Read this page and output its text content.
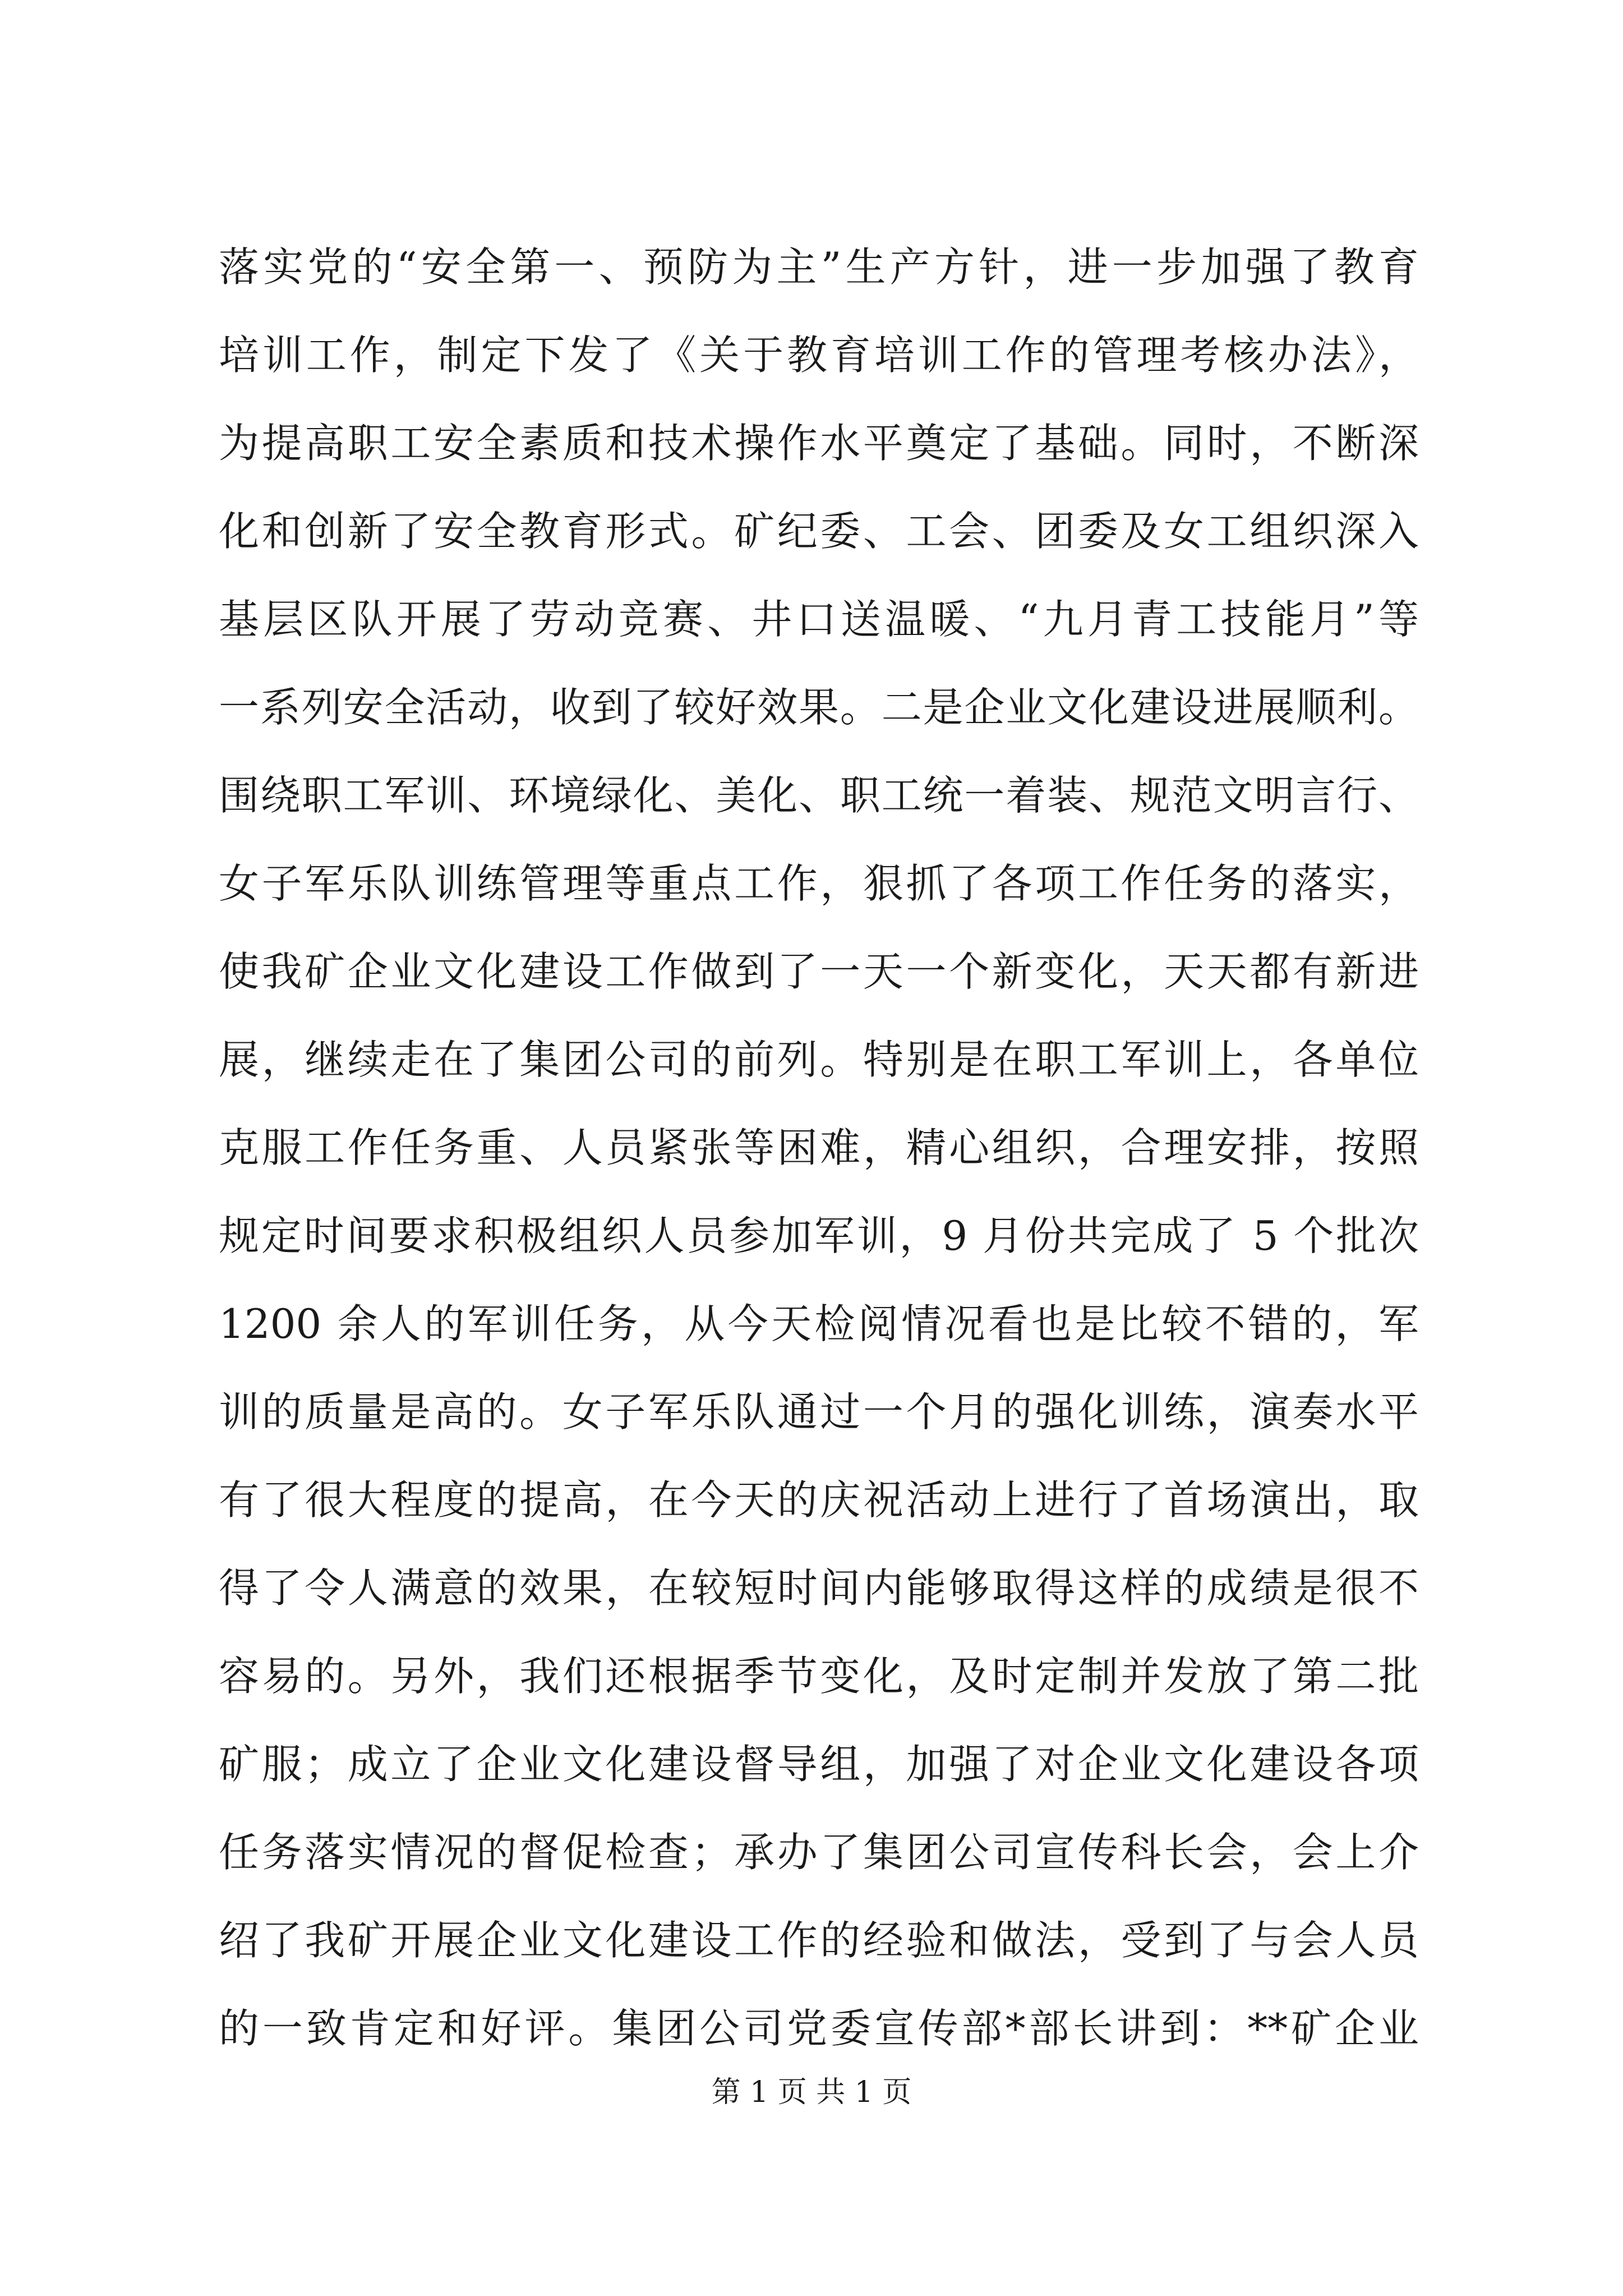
落实党的“安全第一、预防为主”生产方针，进一步加强了教育
培训工作，制定下发了《关于教育培训工作的管理考核办法》，
为提高职工安全素质和技术操作水平奠定了基础。同时，不断深
化和创新了安全教育形式。矿纪委、工会、团委及女工组织深入
基层区队开展了劳动竞赛、井口送温暖、“九月青工技能月”等
一系列安全活动，收到了较好效果。二是企业文化建设进展顺利。
围绕职工军训、环境绿化、美化、职工统一着装、规范文明言行、
女子军乐队训练管理等重点工作，狠抓了各项工作任务的落实，
使我矿企业文化建设工作做到了一天一个新变化，天天都有新进
展，继续走在了集团公司的前列。特别是在职工军训上，各单位
克服工作任务重、人员紧张等困难，精心组织，合理安排，按照
规定时间要求积极组织人员参加军训，9 月份共完成了 5 个批次
1200 余人的军训任务，从今天检阅情况看也是比较不错的，军
训的质量是高的。女子军乐队通过一个月的强化训练，演奏水平
有了很大程度的提高，在今天的庆祝活动上进行了首场演出，取
得了令人满意的效果，在较短时间内能够取得这样的成绩是很不
容易的。另外，我们还根据季节变化，及时定制并发放了第二批
矿服；成立了企业文化建设督导组，加强了对企业文化建设各项
任务落实情况的督促检查；承办了集团公司宣传科长会，会上介
绍了我矿开展企业文化建设工作的经验和做法，受到了与会人员
的一致肯定和好评。集团公司党委宣传部*部长讲到：**矿企业
第 1 页 共 1 页
